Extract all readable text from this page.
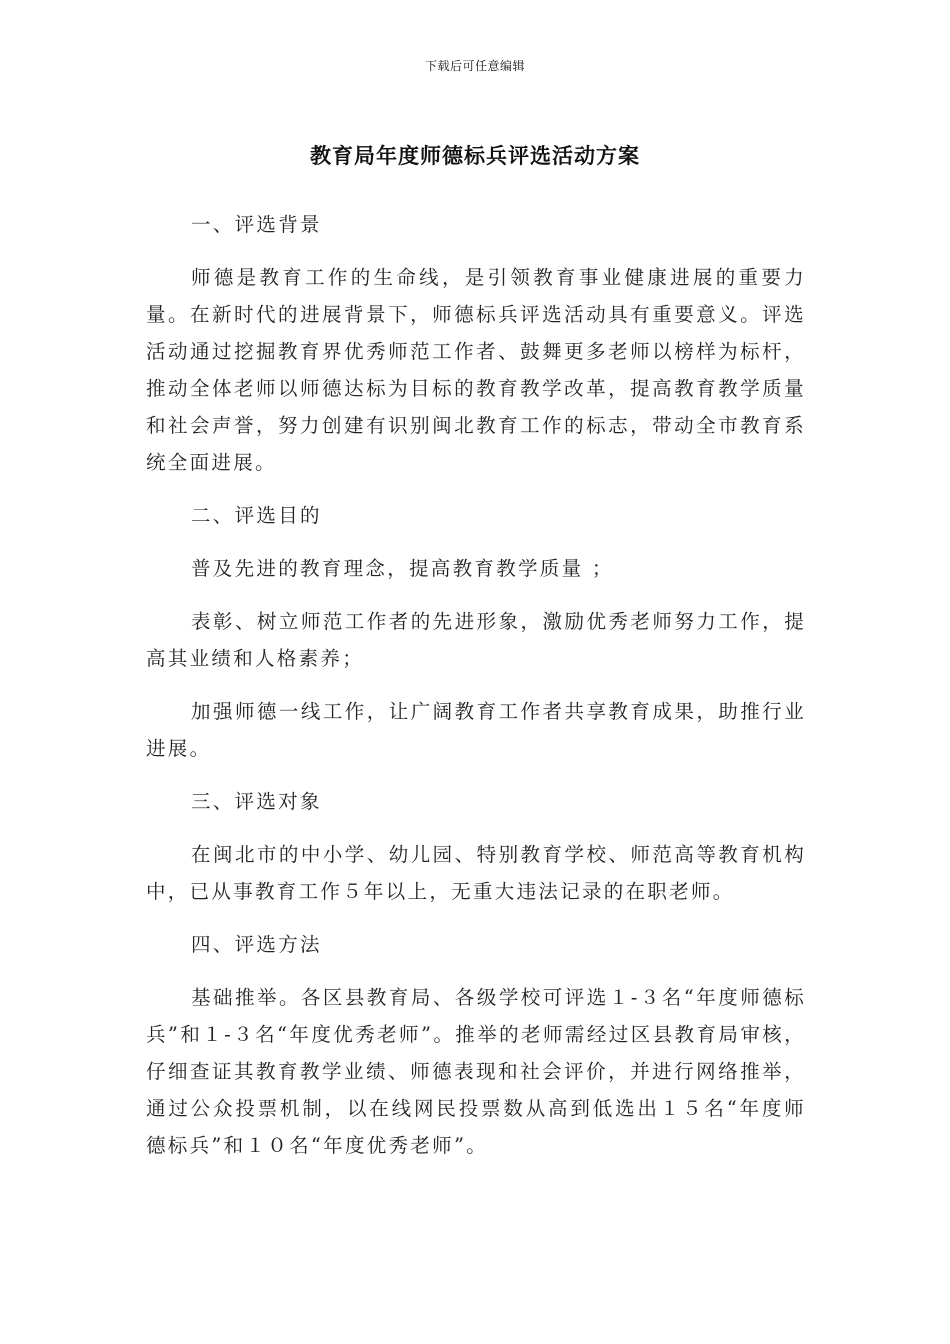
下载后可任意编辑
教育局年度师德标兵评选活动方案

一、评选背景

师德是教育工作的生命线，是引领教育事业健康进展的重要力量。在新时代的进展背景下，师德标兵评选活动具有重要意义。评选活动通过挖掘教育界优秀师范工作者、鼓舞更多老师以榜样为标杆，推动全体老师以师德达标为目标的教育教学改革，提高教育教学质量和社会声誉，努力创建有识别闽北教育工作的标志，带动全市教育系统全面进展。

二、评选目的

普及先进的教育理念，提高教育教学质量 ；

表彰、树立师范工作者的先进形象，激励优秀老师努力工作，提高其业绩和人格素养；

加强师德一线工作，让广阔教育工作者共享教育成果，助推行业进展。

三、评选对象

在闽北市的中小学、幼儿园、特别教育学校、师范高等教育机构中，已从事教育工作５年以上，无重大违法记录的在职老师。

四、评选方法

基础推举。各区县教育局、各级学校可评选１-３名“年度师德标兵”和１-３名“年度优秀老师”。推举的老师需经过区县教育局审核，仔细查证其教育教学业绩、师德表现和社会评价，并进行网络推举，通过公众投票机制，以在线网民投票数从高到低选出１５名“年度师德标兵”和１０名“年度优秀老师”。
